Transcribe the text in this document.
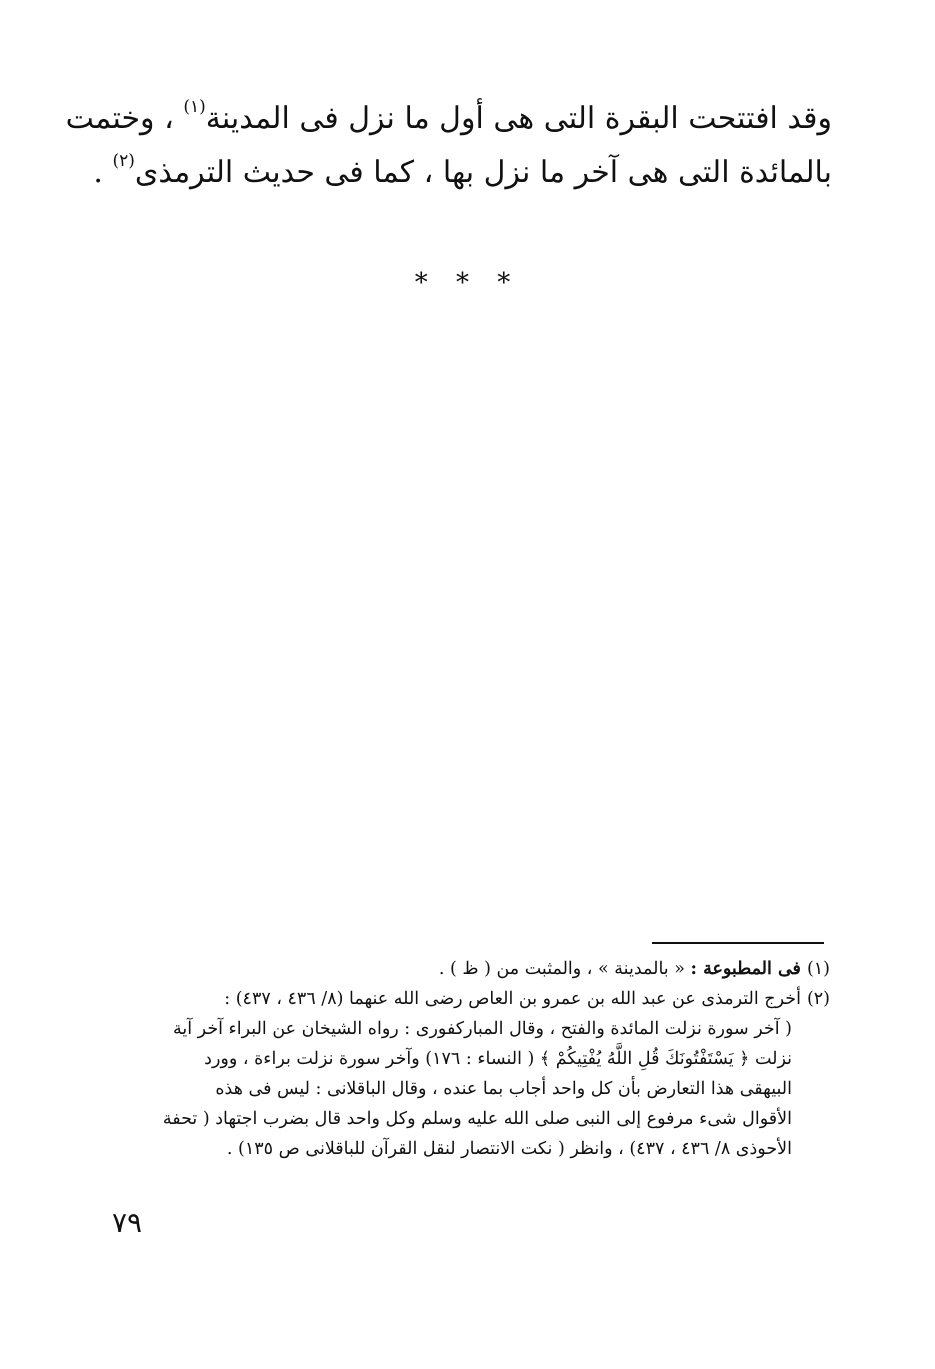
وقد افتتحت البقرة التى هى أول ما نزل فى المدينة$^{(١)}$ ، وختمت
بالمائدة التى هى آخر ما نزل بها ، كما فى حديث الترمذى$^{(٢)}$ .
* * *
(١)فى المطبوعة : « بالمدينة » ، والمثبت من ( ظ ) .
(٢)أخرج الترمذى عن عبد الله بن عمرو بن العاص رضى الله عنهما (٨/ ٤٣٦ ، ٤٣٧) :
( آخر سورة نزلت المائدة والفتح ، وقال المباركفورى : رواه الشيخان عن البراء آخر آية
نزلت ﴿ يَسْتَفْتُونَكَ قُلِ اللَّهُ يُفْتِيكُمْ ﴾ ( النساء : ١٧٦) وآخر سورة نزلت براءة ، وورد
البيهقى هذا التعارض بأن كل واحد أجاب بما عنده ، وقال الباقلانى : ليس فى هذه
الأقوال شىء مرفوع إلى النبى صلى الله عليه وسلم وكل واحد قال بضرب اجتهاد ( تحفة
الأحوذى ٨/ ٤٣٦ ، ٤٣٧) ، وانظر ( نكت الانتصار لنقل القرآن للباقلانى ص ١٣٥) .
٧٩
